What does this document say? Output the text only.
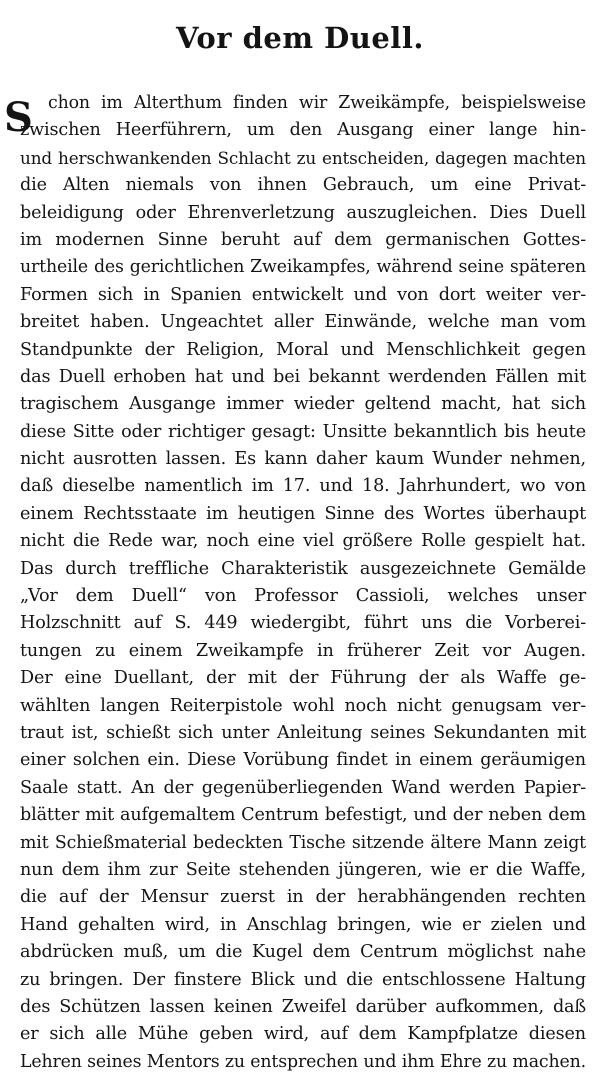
Vor dem Duell.
S chon im Alterthum finden wir Zweikämpfe, beispielsweise
zwischen Heerführern, um den Ausgang einer lange hin-
und herschwankenden Schlacht zu entscheiden, dagegen machten
die Alten niemals von ihnen Gebrauch, um eine Privat-
beleidigung oder Ehrenverletzung auszugleichen. Dies Duell
im modernen Sinne beruht auf dem germanischen Gottes-
urtheile des gerichtlichen Zweikampfes, während seine späteren
Formen sich in Spanien entwickelt und von dort weiter ver-
breitet haben. Ungeachtet aller Einwände, welche man vom
Standpunkte der Religion, Moral und Menschlichkeit gegen
das Duell erhoben hat und bei bekannt werdenden Fällen mit
tragischem Ausgange immer wieder geltend macht, hat sich
diese Sitte oder richtiger gesagt: Unsitte bekanntlich bis heute
nicht ausrotten lassen. Es kann daher kaum Wunder nehmen,
daß dieselbe namentlich im 17. und 18. Jahrhundert, wo von
einem Rechtsstaate im heutigen Sinne des Wortes überhaupt
nicht die Rede war, noch eine viel größere Rolle gespielt hat.
Das durch treffliche Charakteristik ausgezeichnete Gemälde
„Vor dem Duell“ von Professor Cassioli, welches unser
Holzschnitt auf S. 449 wiedergibt, führt uns die Vorberei-
tungen zu einem Zweikampfe in früherer Zeit vor Augen.
Der eine Duellant, der mit der Führung der als Waffe ge-
wählten langen Reiterpistole wohl noch nicht genugsam ver-
traut ist, schießt sich unter Anleitung seines Sekundanten mit
einer solchen ein. Diese Vorübung findet in einem geräumigen
Saale statt. An der gegenüberliegenden Wand werden Papier-
blätter mit aufgemaltem Centrum befestigt, und der neben dem
mit Schießmaterial bedeckten Tische sitzende ältere Mann zeigt
nun dem ihm zur Seite stehenden jüngeren, wie er die Waffe,
die auf der Mensur zuerst in der herabhängenden rechten
Hand gehalten wird, in Anschlag bringen, wie er zielen und
abdrücken muß, um die Kugel dem Centrum möglichst nahe
zu bringen. Der finstere Blick und die entschlossene Haltung
des Schützen lassen keinen Zweifel darüber aufkommen, daß
er sich alle Mühe geben wird, auf dem Kampfplatze diesen
Lehren seines Mentors zu entsprechen und ihm Ehre zu machen.
